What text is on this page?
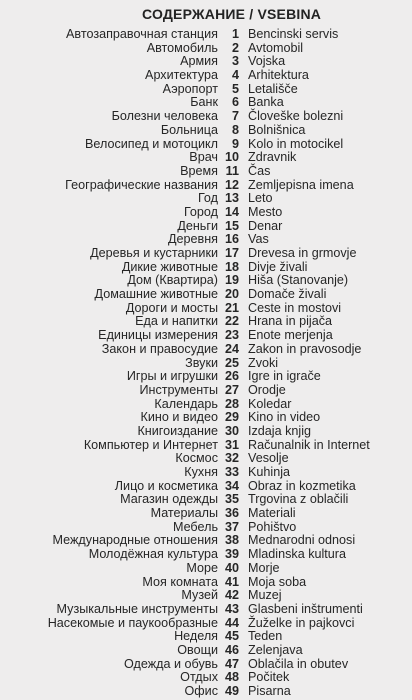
СОДЕРЖАНИЕ / VSEBINA
Автозаправочная станция	1 Bencinski servis
Автомобиль	2 Avtomobil
Армия	3 Vojska
Архитектура	4 Arhitektura
Аэропорт	5 Letališče
Банк	6 Banka
Болезни человека	7 Človeške bolezni
Больница	8 Bolnišnica
Велосипед и мотоцикл	9 Kolo in motocikel
Врач 10 Zdravnik
Время 11 Čas
Географические названия 12 Zemljepisna imena
Год 13 Leto
Город 14 Mesto
Деньги 15 Denar
Деревня 16 Vas
Деревья и кустарники 17 Drevesa in grmovje
Дикие животные 18 Divje živali
Дом (Квартира) 19 Hiša (Stanovanje)
Домашние животные 20 Domače živali
Дороги и мосты 21 Ceste in mostovi
Еда и напитки 22 Hrana in pijača
Единицы измерения 23 Enote merjenja
Закон и правосудие 24 Zakon in pravosodje
Звуки 25 Zvoki
Игры и игрушки 26 Igre in igrače
Инструменты 27 Orodje
Календарь 28 Koledar
Кино и видео 29 Kino in video
Книгоиздание 30 Izdaja knjig
Компьютер и Интернет 31 Računalnik in Internet
Космос 32 Vesolje
Кухня 33 Kuhinja
Лицо и косметика 34 Obraz in kozmetika
Магазин одежды 35 Trgovina z oblačili
Материалы 36 Materiali
Мебель 37 Pohištvo
Международные отношения 38 Mednarodni odnosi
Молодёжная культура 39 Mladinska kultura
Море 40 Morje
Моя комната 41 Moja soba
Музей 42 Muzej
Музыкальные инструменты 43 Glasbeni inštrumenti
Насекомые и паукообразные 44 Žuželke in pajkovci
Неделя 45 Teden
Овощи 46 Zelenjava
Одежда и обувь 47 Oblačila in obutev
Отдых 48 Počitek
Офис 49 Pisarna
